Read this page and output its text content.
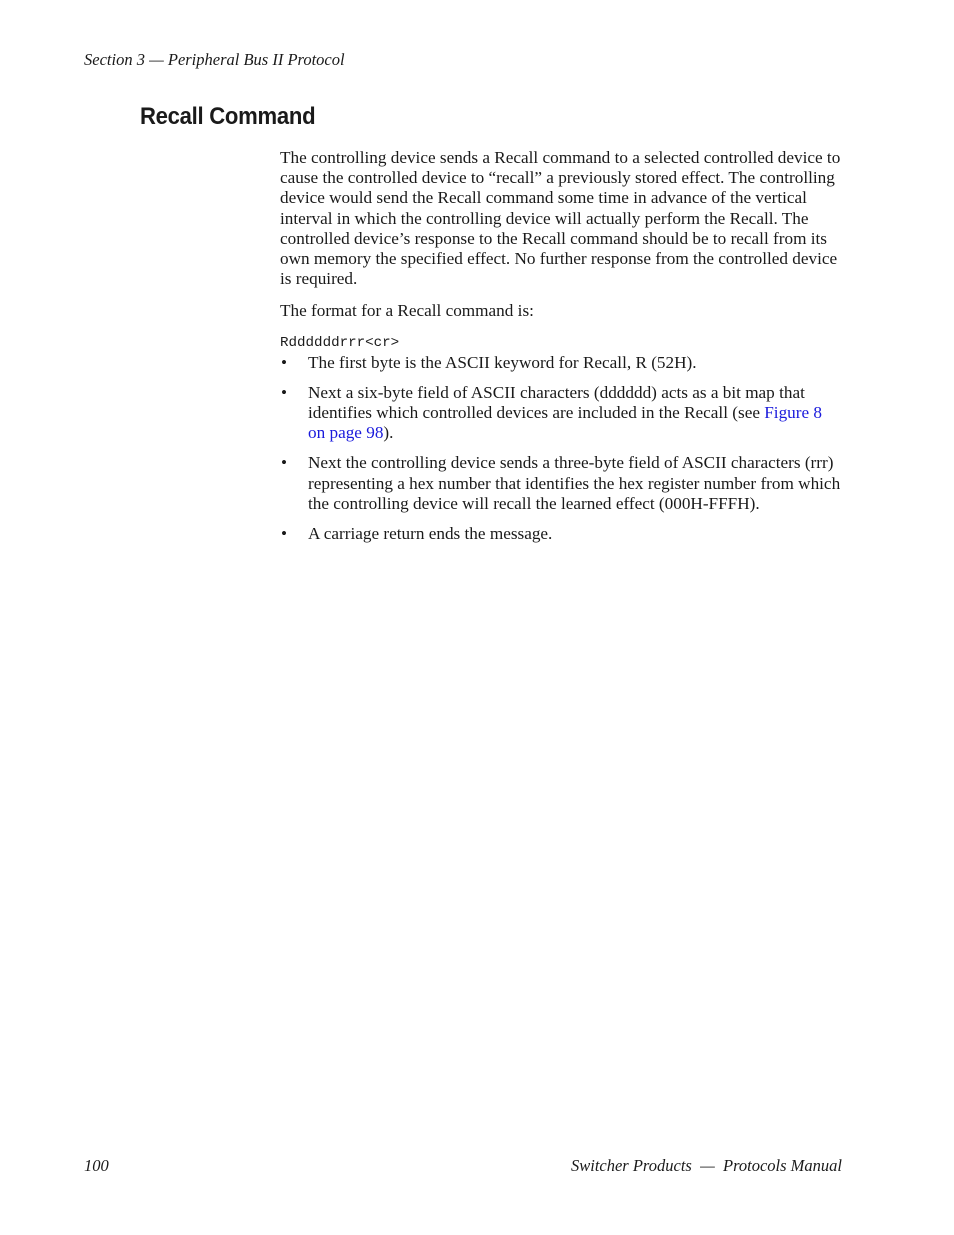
Section 3 — Peripheral Bus II Protocol
Recall Command

The controlling device sends a Recall command to a selected controlled device to cause the controlled device to “recall” a previously stored effect. The controlling device would send the Recall command some time in advance of the vertical interval in which the controlling device will actually perform the Recall. The controlled device’s response to the Recall command should be to recall from its own memory the specified effect. No further response from the controlled device is required.

The format for a Recall command is:

Rddddddrrr<cr>

• The first byte is the ASCII keyword for Recall, R (52H).
• Next a six-byte field of ASCII characters (dddddd) acts as a bit map that identifies which controlled devices are included in the Recall (see Figure 8 on page 98).
• Next the controlling device sends a three-byte field of ASCII characters (rrr) representing a hex number that identifies the hex register number from which the controlling device will recall the learned effect (000H-FFFH).
• A carriage return ends the message.
100	Switcher Products  —  Protocols Manual
